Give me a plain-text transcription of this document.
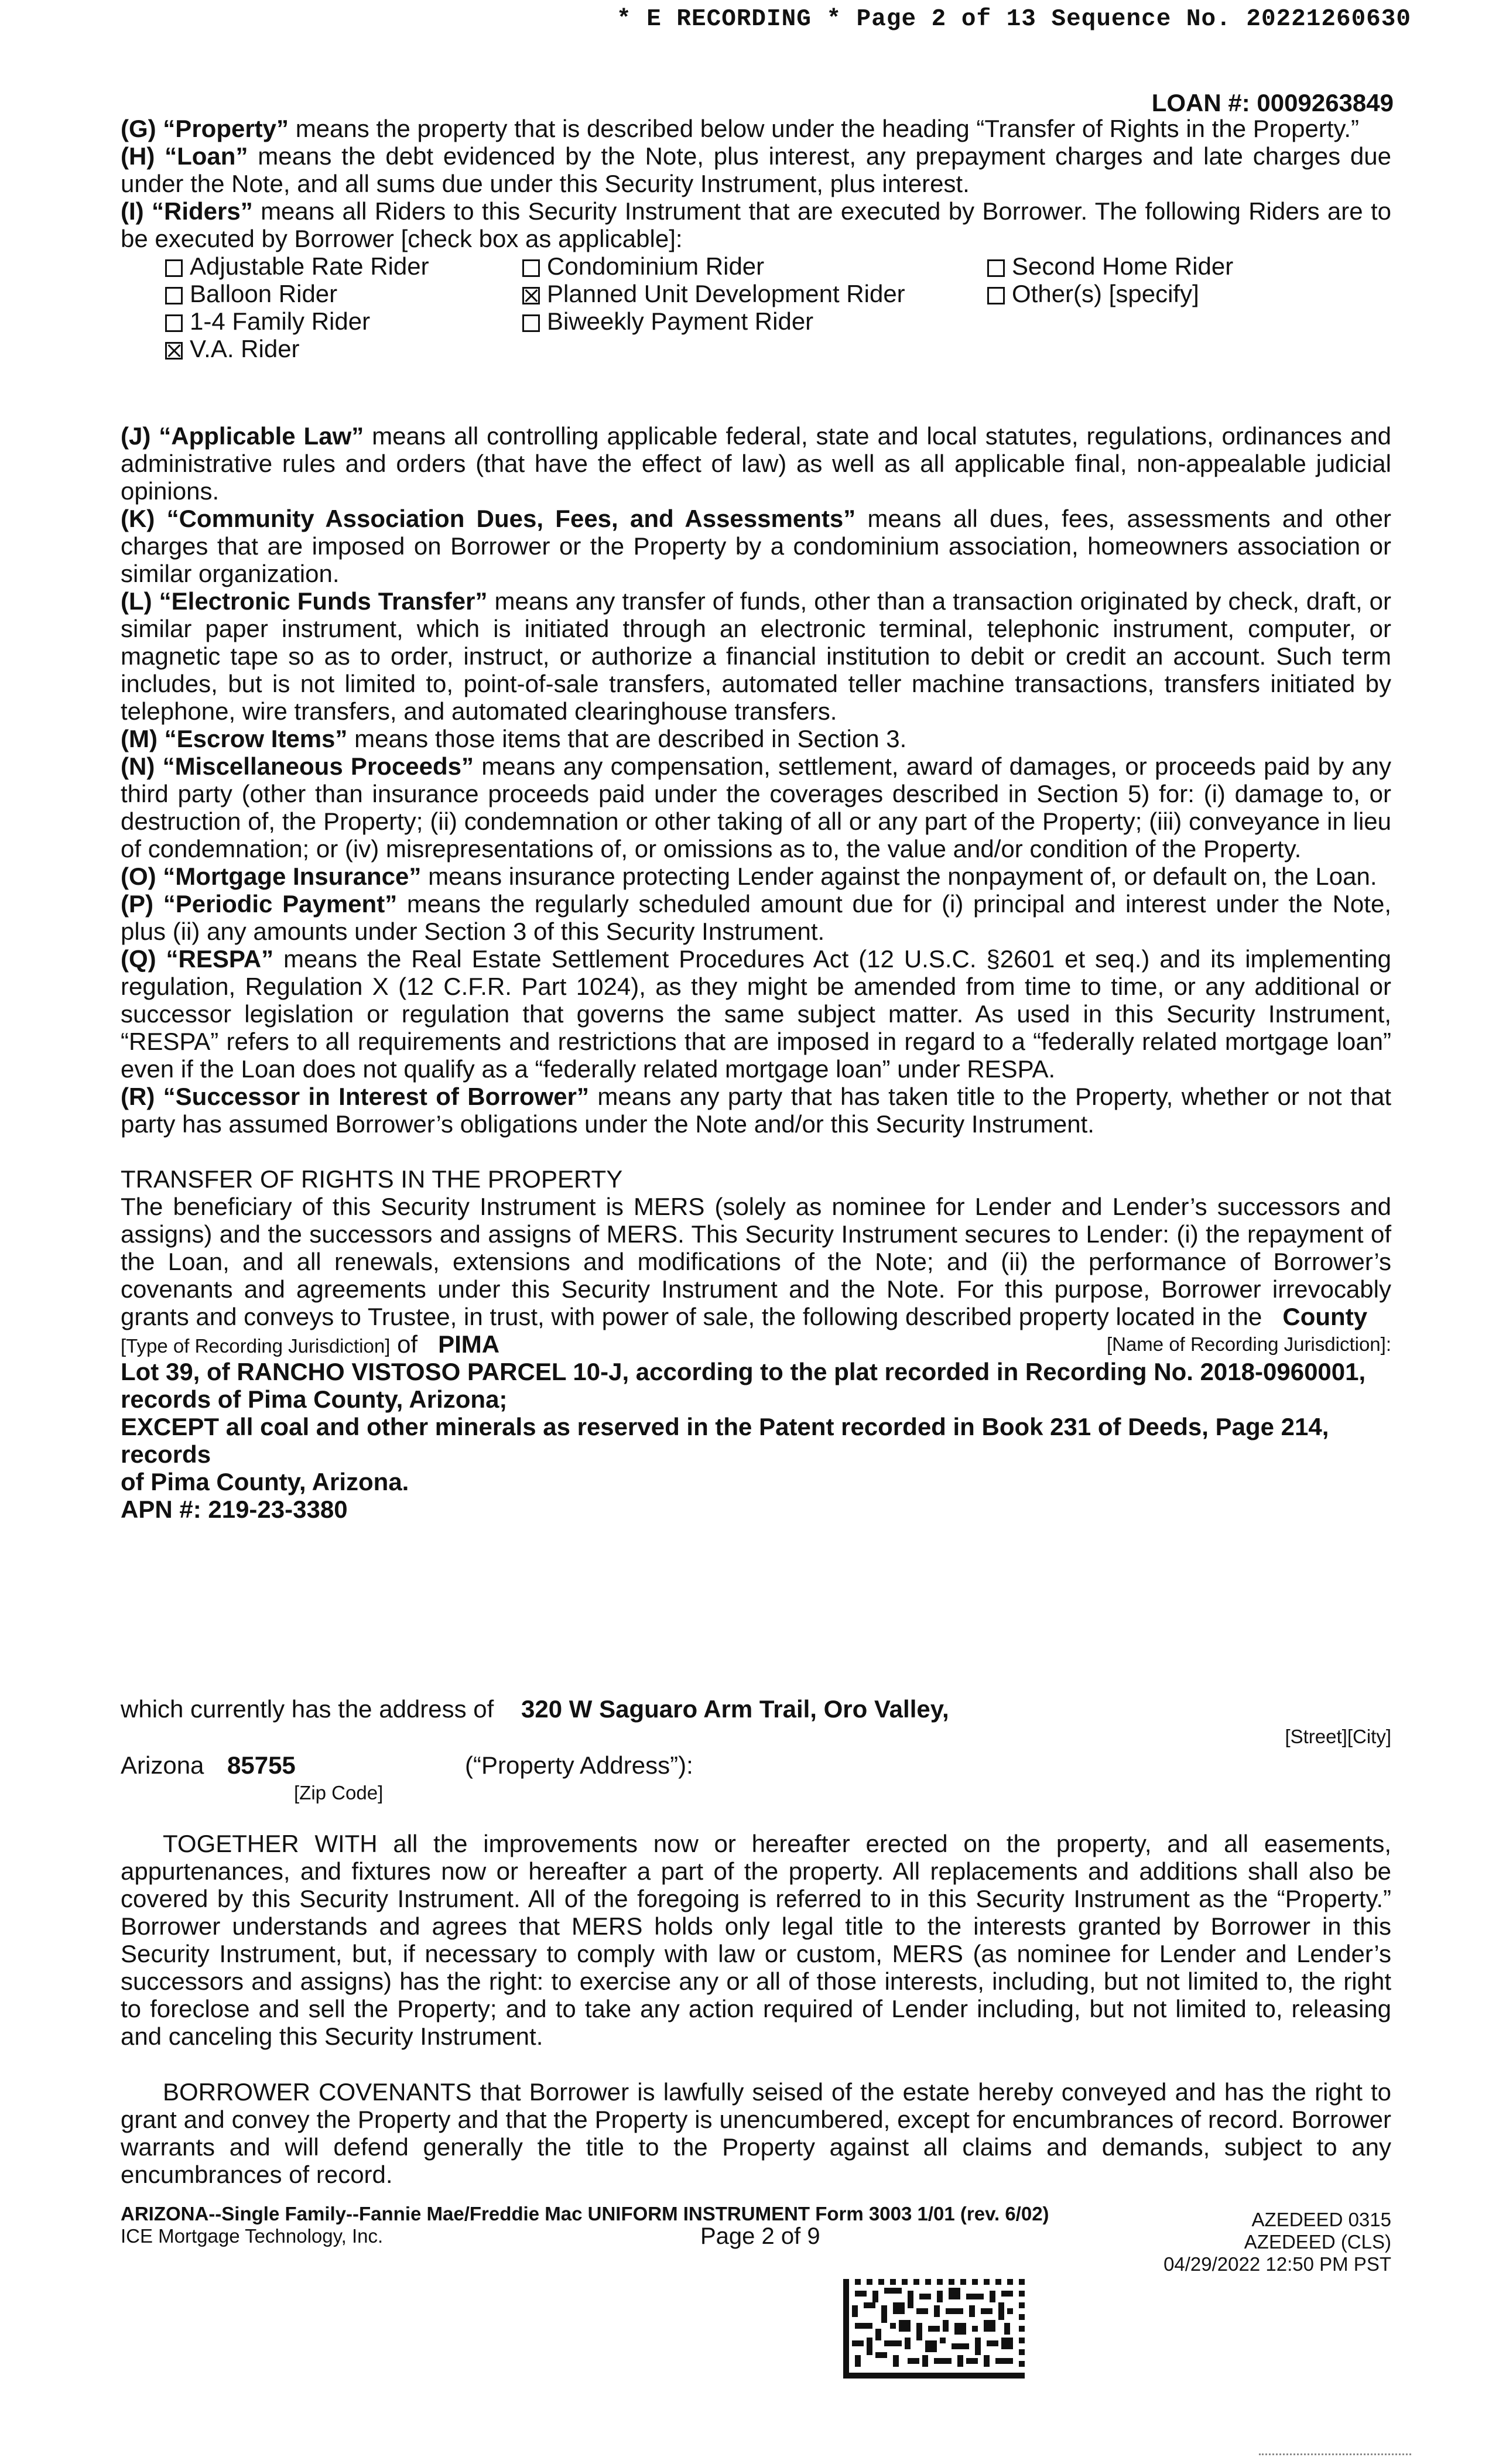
* E RECORDING * Page 2 of 13 Sequence No. 20221260630
LOAN #: 0009263849

(G) “Property” means the property that is described below under the heading “Transfer of Rights in the Property.”

(H) “Loan” means the debt evidenced by the Note, plus interest, any prepayment charges and late charges due under the Note, and all sums due under this Security Instrument, plus interest.

(I) “Riders” means all Riders to this Security Instrument that are executed by Borrower. The following Riders are to be executed by Borrower [check box as applicable]:

Adjustable Rate Rider
Balloon Rider
1-4 Family Rider
V.A. Rider
Condominium Rider
Planned Unit Development Rider
Biweekly Payment Rider
Second Home Rider
Other(s) [specify]

(J) “Applicable Law” means all controlling applicable federal, state and local statutes, regulations, ordinances and administrative rules and orders (that have the effect of law) as well as all applicable final, non-appealable judicial opinions.

(K) “Community Association Dues, Fees, and Assessments” means all dues, fees, assessments and other charges that are imposed on Borrower or the Property by a condominium association, homeowners association or similar organization.

(L) “Electronic Funds Transfer” means any transfer of funds, other than a transaction originated by check, draft, or similar paper instrument, which is initiated through an electronic terminal, telephonic instrument, computer, or magnetic tape so as to order, instruct, or authorize a financial institution to debit or credit an account. Such term includes, but is not limited to, point-of-sale transfers, automated teller machine transactions, transfers initiated by telephone, wire transfers, and automated clearinghouse transfers.

(M) “Escrow Items” means those items that are described in Section 3.

(N) “Miscellaneous Proceeds” means any compensation, settlement, award of damages, or proceeds paid by any third party (other than insurance proceeds paid under the coverages described in Section 5) for: (i) damage to, or destruction of, the Property; (ii) condemnation or other taking of all or any part of the Property; (iii) conveyance in lieu of condemnation; or (iv) misrepresentations of, or omissions as to, the value and/or condition of the Property.

(O) “Mortgage Insurance” means insurance protecting Lender against the nonpayment of, or default on, the Loan.

(P) “Periodic Payment” means the regularly scheduled amount due for (i) principal and interest under the Note, plus (ii) any amounts under Section 3 of this Security Instrument.

(Q) “RESPA” means the Real Estate Settlement Procedures Act (12 U.S.C. §2601 et seq.) and its implementing regulation, Regulation X (12 C.F.R. Part 1024), as they might be amended from time to time, or any additional or successor legislation or regulation that governs the same subject matter. As used in this Security Instrument, “RESPA” refers to all requirements and restrictions that are imposed in regard to a “federally related mortgage loan” even if the Loan does not qualify as a “federally related mortgage loan” under RESPA.

(R) “Successor in Interest of Borrower” means any party that has taken title to the Property, whether or not that party has assumed Borrower’s obligations under the Note and/or this Security Instrument.

TRANSFER OF RIGHTS IN THE PROPERTY

The beneficiary of this Security Instrument is MERS (solely as nominee for Lender and Lender’s successors and assigns) and the successors and assigns of MERS. This Security Instrument secures to Lender: (i) the repayment of the Loan, and all renewals, extensions and modifications of the Note; and (ii) the performance of Borrower’s covenants and agreements under this Security Instrument and the Note. For this purpose, Borrower irrevocably grants and conveys to Trustee, in trust, with power of sale, the following described property located in the County

[Type of Recording Jurisdiction] of PIMA	[Name of Recording Jurisdiction]:

Lot 39, of RANCHO VISTOSO PARCEL 10-J, according to the plat recorded in Recording No. 2018-0960001, records of Pima County, Arizona;

EXCEPT all coal and other minerals as reserved in the Patent recorded in Book 231 of Deeds, Page 214, records

of Pima County, Arizona.

APN #: 219-23-3380

which currently has the address of 320 W Saguaro Arm Trail, Oro Valley,
[Street][City]
Arizona 85755
[Zip Code]
(“Property Address”):

TOGETHER WITH all the improvements now or hereafter erected on the property, and all easements, appurtenances, and fixtures now or hereafter a part of the property. All replacements and additions shall also be covered by this Security Instrument. All of the foregoing is referred to in this Security Instrument as the “Property.” Borrower understands and agrees that MERS holds only legal title to the interests granted by Borrower in this Security Instrument, but, if necessary to comply with law or custom, MERS (as nominee for Lender and Lender’s successors and assigns) has the right: to exercise any or all of those interests, including, but not limited to, the right to foreclose and sell the Property; and to take any action required of Lender including, but not limited to, releasing and canceling this Security Instrument.

BORROWER COVENANTS that Borrower is lawfully seised of the estate hereby conveyed and has the right to grant and convey the Property and that the Property is unencumbered, except for encumbrances of record. Borrower warrants and will defend generally the title to the Property against all claims and demands, subject to any encumbrances of record.

ARIZONA--Single Family--Fannie Mae/Freddie Mac UNIFORM INSTRUMENT Form 3003 1/01 (rev. 6/02)
ICE Mortgage Technology, Inc.	Page 2 of 9
AZEDEED 0315
AZEDEED (CLS)
04/29/2022 12:50 PM PST
